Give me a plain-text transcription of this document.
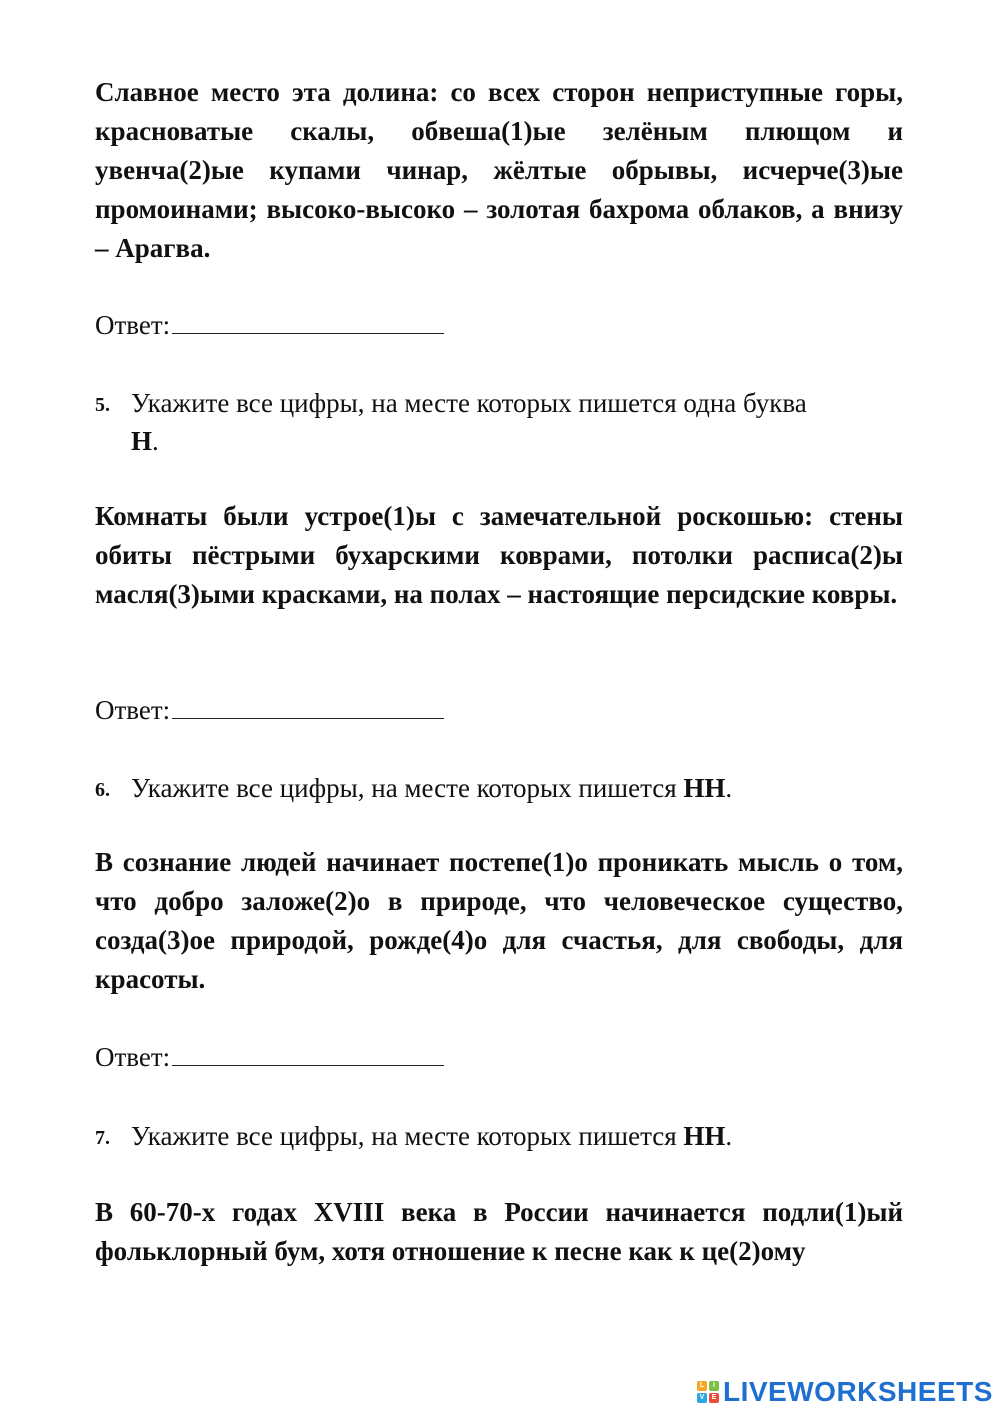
Славное место эта долина: со всех сторон неприступные горы, красноватые скалы, обвеша(1)ые зелёным плющом и увенча(2)ые купами чинар, жёлтые обрывы, исчерче(3)ые промоинами; высоко-высоко – золотая бахрома облаков, а внизу – Арагва.

Ответ:
5. Укажите все цифры, на месте которых пишется одна буква
Н.

Комнаты были устрое(1)ы с замечательной роскошью: стены обиты пёстрыми бухарскими коврами, потолки расписа(2)ы масля(3)ыми красками, на полах – настоящие персидские ковры.

Ответ:
6. Укажите все цифры, на месте которых пишется НН.

В сознание людей начинает постепе(1)о проникать мысль о том, что добро заложе(2)о в природе, что человеческое существо, созда(3)ое природой, рожде(4)о для счастья, для свободы, для красоты.

Ответ:
7. Укажите все цифры, на месте которых пишется НН.

В 60-70-х годах XVIII века в России начинается подли(1)ый фольклорный бум, хотя отношение к песне как к це(2)ому

L	I
V	E LIVEWORKSHEETS
